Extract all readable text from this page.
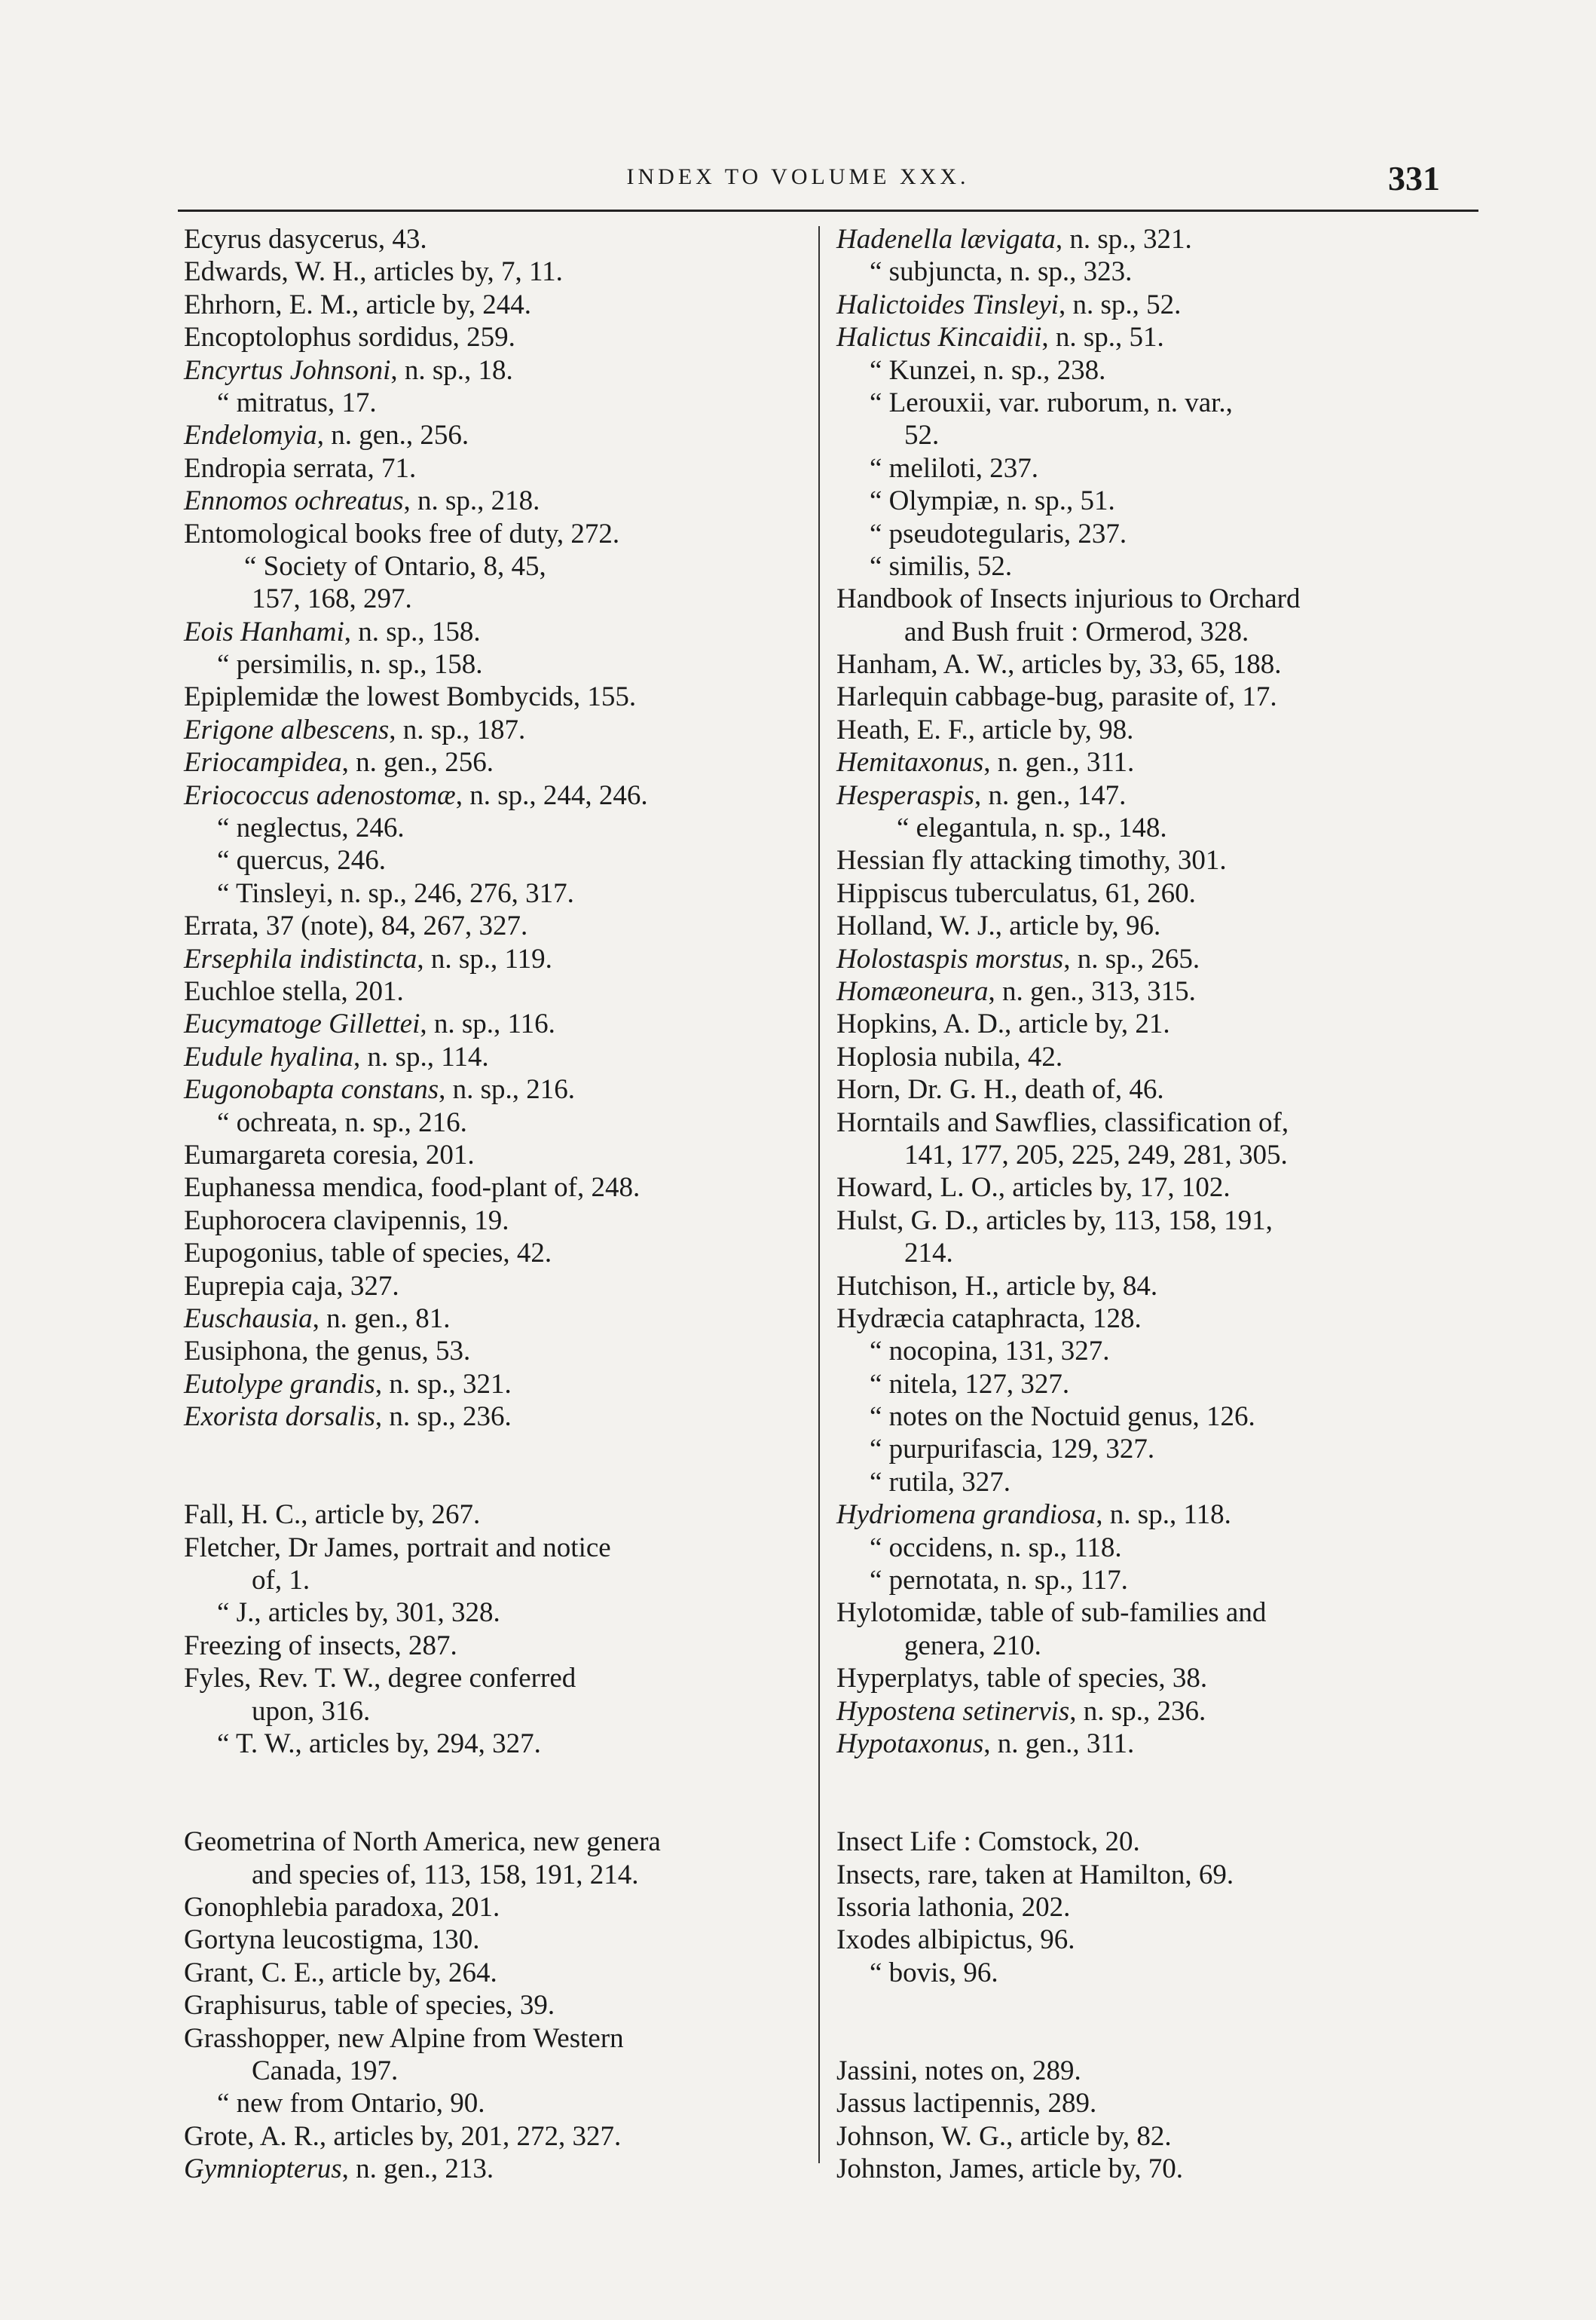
INDEX TO VOLUME XXX.	331
Ecyrus dasycerus, 43.
Edwards, W. H., articles by, 7, 11.
Ehrhorn, E. M., article by, 244.
Encoptolophus sordidus, 259.
Encyrtus Johnsoni, n. sp., 18.
“ mitratus, 17.
Endelomyia, n. gen., 256.
Endropia serrata, 71.
Ennomos ochreatus, n. sp., 218.
Entomological books free of duty, 272.
“ Society of Ontario, 8, 45,
157, 168, 297.
Eois Hanhami, n. sp., 158.
“ persimilis, n. sp., 158.
Epiplemidæ the lowest Bombycids, 155.
Erigone albescens, n. sp., 187.
Eriocampidea, n. gen., 256.
Eriococcus adenostomæ, n. sp., 244, 246.
“ neglectus, 246.
“ quercus, 246.
“ Tinsleyi, n. sp., 246, 276, 317.
Errata, 37 (note), 84, 267, 327.
Ersephila indistincta, n. sp., 119.
Euchloe stella, 201.
Eucymatoge Gillettei, n. sp., 116.
Eudule hyalina, n. sp., 114.
Eugonobapta constans, n. sp., 216.
“ ochreata, n. sp., 216.
Eumargareta coresia, 201.
Euphanessa mendica, food-plant of, 248.
Euphorocera clavipennis, 19.
Eupogonius, table of species, 42.
Euprepia caja, 327.
Euschausia, n. gen., 81.
Eusiphona, the genus, 53.
Eutolype grandis, n. sp., 321.
Exorista dorsalis, n. sp., 236.
Fall, H. C., article by, 267.
Fletcher, Dr James, portrait and notice
of, 1.
“ J., articles by, 301, 328.
Freezing of insects, 287.
Fyles, Rev. T. W., degree conferred
upon, 316.
“ T. W., articles by, 294, 327.
Geometrina of North America, new genera
and species of, 113, 158, 191, 214.
Gonophlebia paradoxa, 201.
Gortyna leucostigma, 130.
Grant, C. E., article by, 264.
Graphisurus, table of species, 39.
Grasshopper, new Alpine from Western
Canada, 197.
“ new from Ontario, 90.
Grote, A. R., articles by, 201, 272, 327.
Gymniopterus, n. gen., 213.
Hadenella lævigata, n. sp., 321.
“ subjuncta, n. sp., 323.
Halictoides Tinsleyi, n. sp., 52.
Halictus Kincaidii, n. sp., 51.
“ Kunzei, n. sp., 238.
“ Lerouxii, var. ruborum, n. var.,
52.
“ meliloti, 237.
“ Olympiæ, n. sp., 51.
“ pseudotegularis, 237.
“ similis, 52.
Handbook of Insects injurious to Orchard
and Bush fruit : Ormerod, 328.
Hanham, A. W., articles by, 33, 65, 188.
Harlequin cabbage-bug, parasite of, 17.
Heath, E. F., article by, 98.
Hemitaxonus, n. gen., 311.
Hesperaspis, n. gen., 147.
“ elegantula, n. sp., 148.
Hessian fly attacking timothy, 301.
Hippiscus tuberculatus, 61, 260.
Holland, W. J., article by, 96.
Holostaspis morstus, n. sp., 265.
Homæoneura, n. gen., 313, 315.
Hopkins, A. D., article by, 21.
Hoplosia nubila, 42.
Horn, Dr. G. H., death of, 46.
Horntails and Sawflies, classification of,
141, 177, 205, 225, 249, 281, 305.
Howard, L. O., articles by, 17, 102.
Hulst, G. D., articles by, 113, 158, 191,
214.
Hutchison, H., article by, 84.
Hydræcia cataphracta, 128.
“ nocopina, 131, 327.
“ nitela, 127, 327.
“ notes on the Noctuid genus, 126.
“ purpurifascia, 129, 327.
“ rutila, 327.
Hydriomena grandiosa, n. sp., 118.
“ occidens, n. sp., 118.
“ pernotata, n. sp., 117.
Hylotomidæ, table of sub-families and
genera, 210.
Hyperplatys, table of species, 38.
Hypostena setinervis, n. sp., 236.
Hypotaxonus, n. gen., 311.
Insect Life : Comstock, 20.
Insects, rare, taken at Hamilton, 69.
Issoria lathonia, 202.
Ixodes albipictus, 96.
“ bovis, 96.
Jassini, notes on, 289.
Jassus lactipennis, 289.
Johnson, W. G., article by, 82.
Johnston, James, article by, 70.
